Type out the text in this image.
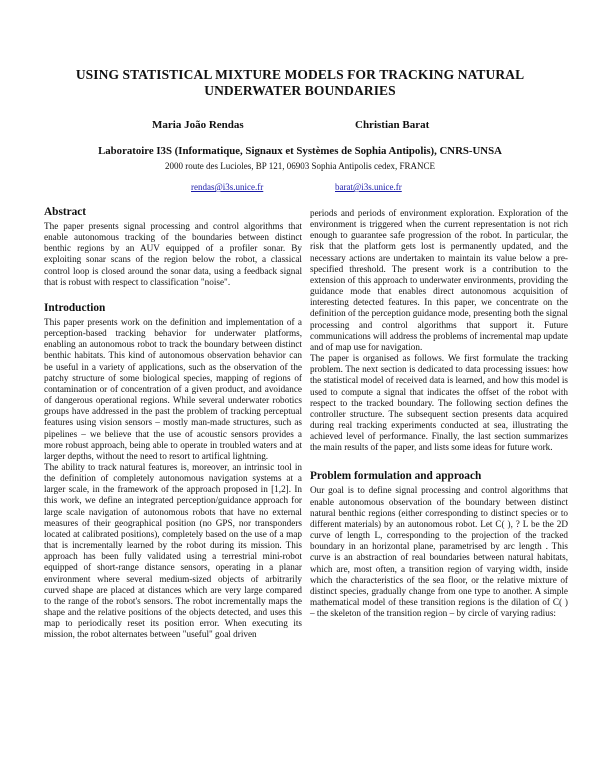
USING STATISTICAL MIXTURE MODELS FOR TRACKING NATURAL
UNDERWATER BOUNDARIES
Maria João Rendas	Christian Barat
Laboratoire I3S (Informatique, Signaux et Systèmes de Sophia Antipolis), CNRS-UNSA
2000 route des Lucioles, BP 121, 06903 Sophia Antipolis cedex, FRANCE
rendas@i3s.unice.fr	barat@i3s.unice.fr
Abstract

The paper presents signal processing and control algorithms that enable autonomous tracking of the boundaries between distinct benthic regions by an AUV equipped of a profiler sonar. By exploiting sonar scans of the region below the robot, a classical control loop is closed around the sonar data, using a feedback signal that is robust with respect to classification "noise".

Introduction

This paper presents work on the definition and implementation of a perception-based tracking behavior for underwater platforms, enabling an autonomous robot to track the boundary between distinct benthic habitats. This kind of autonomous observation behavior can be useful in a variety of applications, such as the observation of the patchy structure of some biological species, mapping of regions of contamination or of concentration of a given product, and avoidance of dangerous operational regions. While several underwater robotics groups have addressed in the past the problem of tracking perceptual features using vision sensors – mostly man-made structures, such as pipelines – we believe that the use of acoustic sensors provides a more robust approach, being able to operate in troubled waters and at larger depths, without the need to resort to artifical lightning.

The ability to track natural features is, moreover, an intrinsic tool in the definition of completely autonomous navigation systems at a larger scale, in the framework of the approach proposed in [1,2]. In this work, we define an integrated perception/guidance approach for large scale navigation of autonomous robots that have no external measures of their geographical position (no GPS, nor transponders located at calibrated positions), completely based on the use of a map that is incrementally learned by the robot during its mission. This approach has been fully validated using a terrestrial mini-robot equipped of short-range distance sensors, operating in a planar environment where several medium-sized objects of arbitrarily curved shape are placed at distances which are very large compared to the range of the robot's sensors. The robot incrementally maps the shape and the relative positions of the objects detected, and uses this map to periodically reset its position error. When executing its mission, the robot alternates between "useful" goal driven

periods and periods of environment exploration. Exploration of the environment is triggered when the current representation is not rich enough to guarantee safe progression of the robot. In particular, the risk that the platform gets lost is permanently updated, and the necessary actions are undertaken to maintain its value below a pre-specified threshold. The present work is a contribution to the extension of this approach to underwater environments, providing the guidance mode that enables direct autonomous acquisition of interesting detected features. In this paper, we concentrate on the definition of the perception guidance mode, presenting both the signal processing and control algorithms that support it. Future communications will address the problems of incremental map update and of map use for navigation.

The paper is organised as follows. We first formulate the tracking problem. The next section is dedicated to data processing issues: how the statistical model of received data is learned, and how this model is used to compute a signal that indicates the offset of the robot with respect to the tracked boundary. The following section defines the controller structure. The subsequent section presents data acquired during real tracking experiments conducted at sea, illustrating the achieved level of performance. Finally, the last section summarizes the main results of the paper, and lists some ideas for future work.

Problem formulation and approach

Our goal is to define signal processing and control algorithms that enable autonomous observation of the boundary between distinct natural benthic regions (either corresponding to distinct species or to different materials) by an autonomous robot. Let C( ), ? L be the 2D curve of length L, corresponding to the projection of the tracked boundary in an horizontal plane, parametrised by arc length . This curve is an abstraction of real boundaries between natural habitats, which are, most often, a transition region of varying width, inside which the characteristics of the sea floor, or the relative mixture of distinct species, gradually change from one type to another. A simple mathematical model of these transition regions is the dilation of C( ) – the skeleton of the transition region – by circle of varying radius:
